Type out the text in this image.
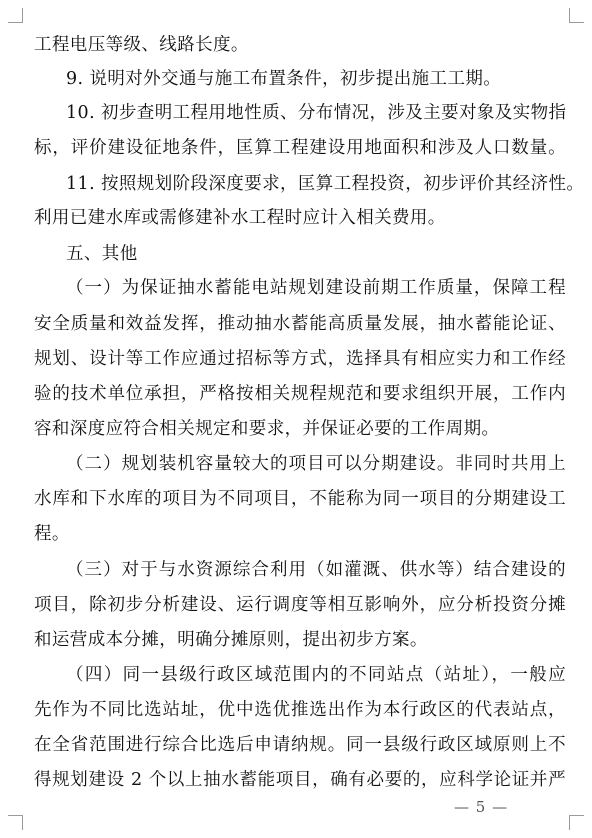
工程电压等级、线路长度。
9. 说明对外交通与施工布置条件，初步提出施工工期。
10. 初步查明工程用地性质、分布情况，涉及主要对象及实物指
标，评价建设征地条件，匡算工程建设用地面积和涉及人口数量。
11. 按照规划阶段深度要求，匡算工程投资，初步评价其经济性。
利用已建水库或需修建补水工程时应计入相关费用。
五、其他
（一）为保证抽水蓄能电站规划建设前期工作质量，保障工程
安全质量和效益发挥，推动抽水蓄能高质量发展，抽水蓄能论证、
规划、设计等工作应通过招标等方式，选择具有相应实力和工作经
验的技术单位承担，严格按相关规程规范和要求组织开展，工作内
容和深度应符合相关规定和要求，并保证必要的工作周期。
（二）规划装机容量较大的项目可以分期建设。非同时共用上
水库和下水库的项目为不同项目，不能称为同一项目的分期建设工
程。
（三）对于与水资源综合利用（如灌溉、供水等）结合建设的
项目，除初步分析建设、运行调度等相互影响外，应分析投资分摊
和运营成本分摊，明确分摊原则，提出初步方案。
（四）同一县级行政区域范围内的不同站点（站址），一般应
先作为不同比选站址，优中选优推选出作为本行政区的代表站点，
在全省范围进行综合比选后申请纳规。同一县级行政区域原则上不
得规划建设 2 个以上抽水蓄能项目，确有必要的，应科学论证并严
— 5 —
